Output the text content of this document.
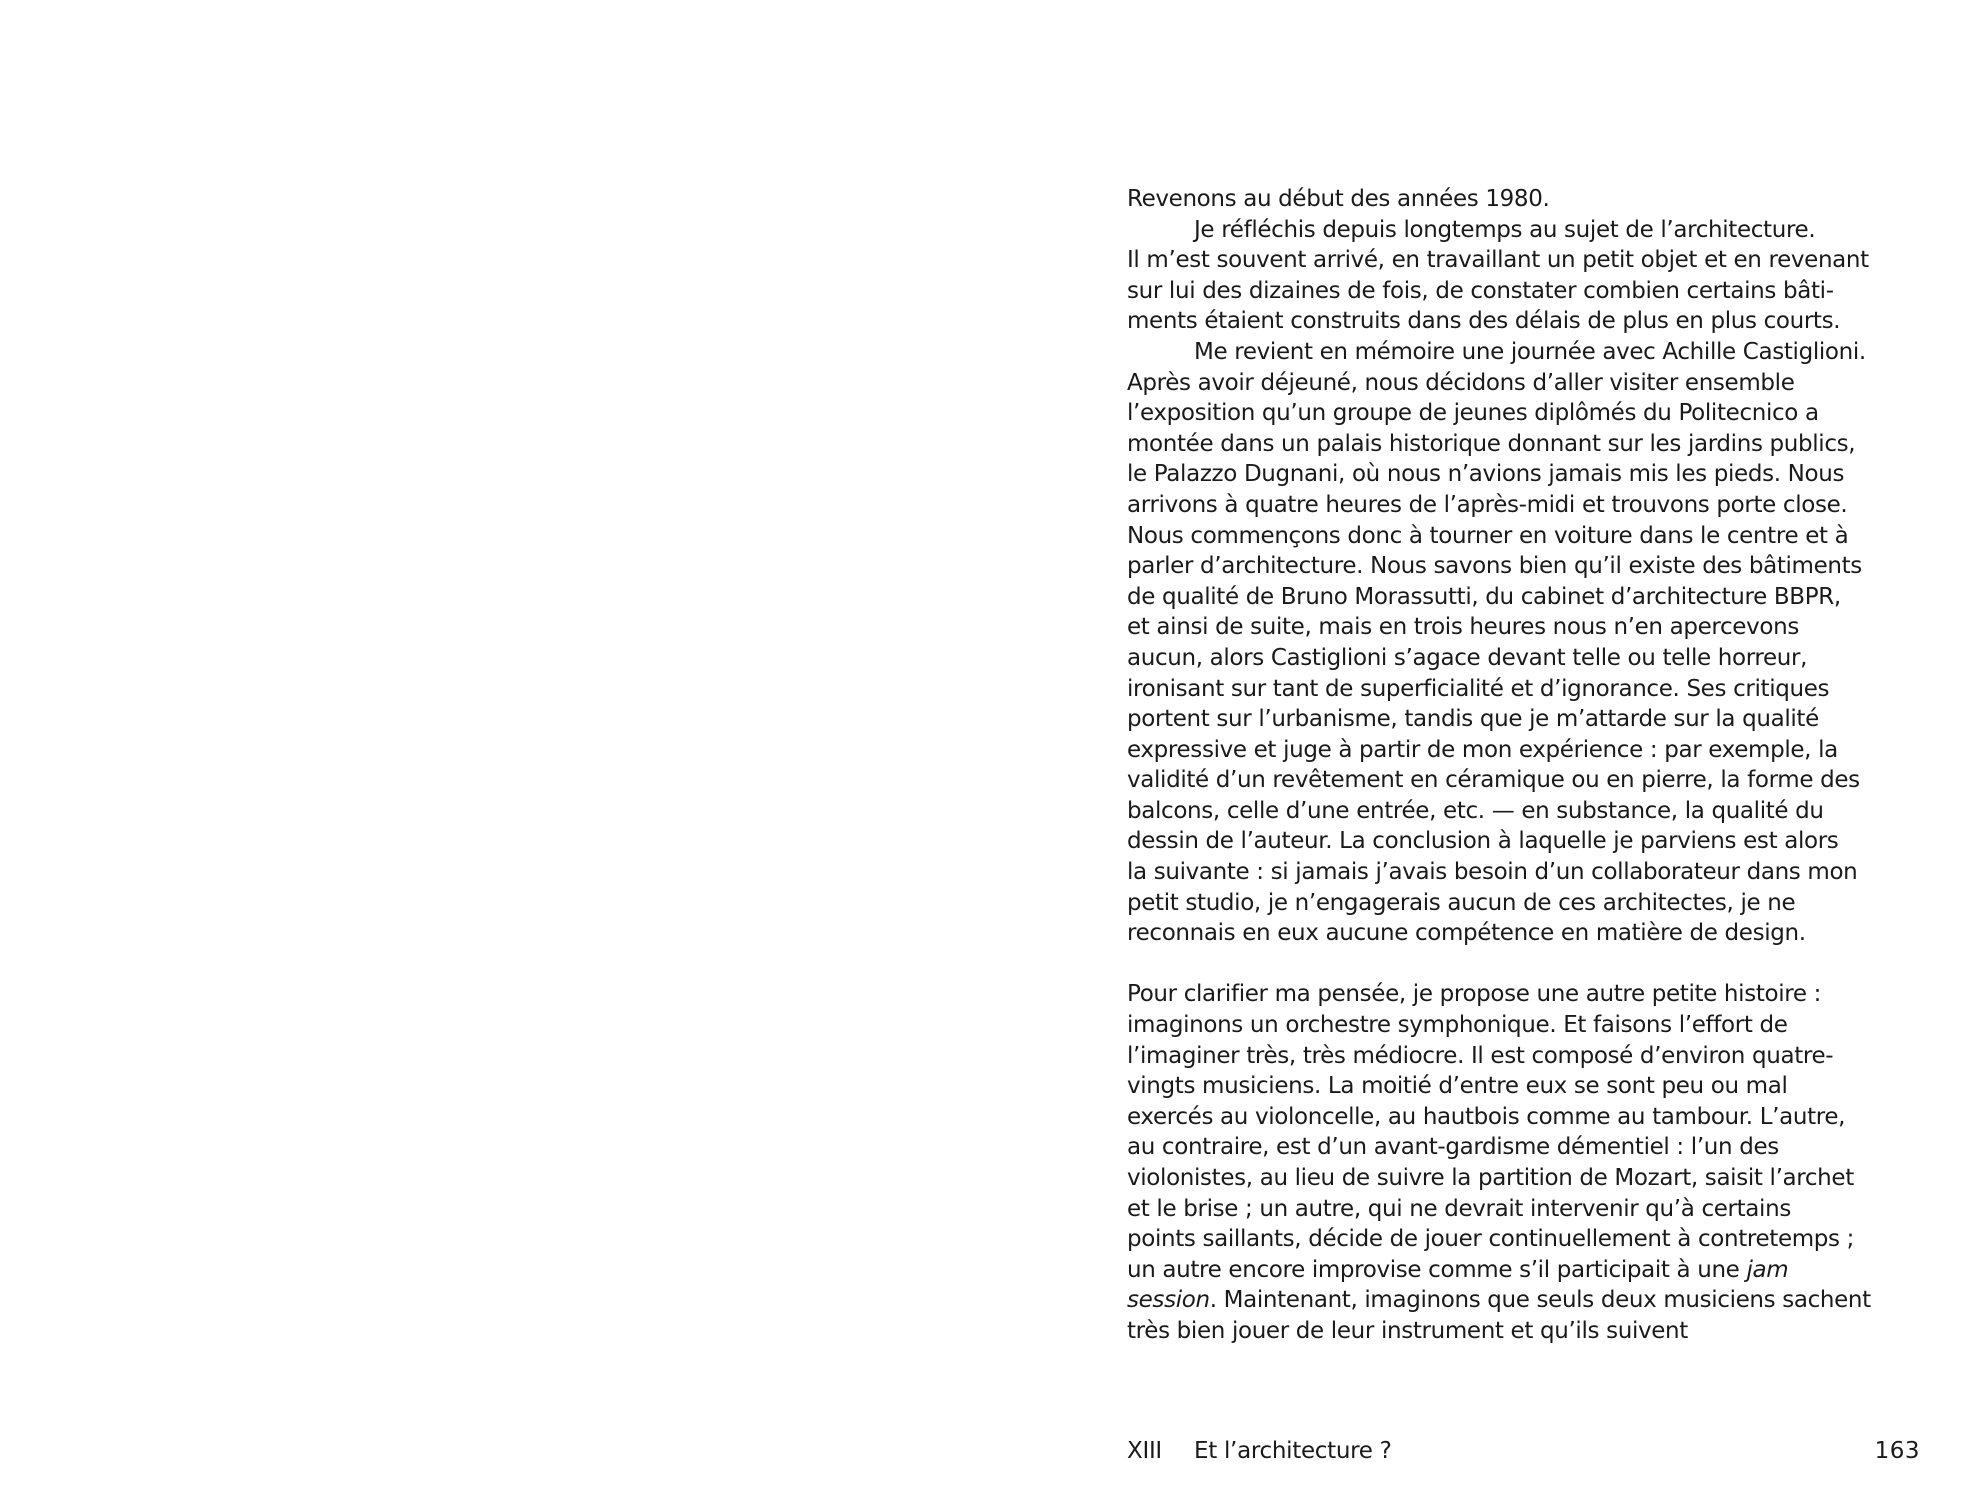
Revenons au début des années 1980.
Je réfléchis depuis longtemps au sujet de l’architecture.
Il m’est souvent arrivé, en travaillant un petit objet et en revenant
sur lui des dizaines de fois, de constater combien certains bâti-
ments étaient construits dans des délais de plus en plus courts.
Me revient en mémoire une journée avec Achille Castiglioni.
Après avoir déjeuné, nous décidons d’aller visiter ensemble
l’exposition qu’un groupe de jeunes diplômés du Politecnico a
montée dans un palais historique donnant sur les jardins publics,
le Palazzo Dugnani, où nous n’avions jamais mis les pieds. Nous
arrivons à quatre heures de l’après-midi et trouvons porte close.
Nous commençons donc à tourner en voiture dans le centre et à
parler d’architecture. Nous savons bien qu’il existe des bâtiments
de qualité de Bruno Morassutti, du cabinet d’architecture BBPR,
et ainsi de suite, mais en trois heures nous n’en apercevons
aucun, alors Castiglioni s’agace devant telle ou telle horreur,
ironisant sur tant de superficialité et d’ignorance. Ses critiques
portent sur l’urbanisme, tandis que je m’attarde sur la qualité
expressive et juge à partir de mon expérience : par exemple, la
validité d’un revêtement en céramique ou en pierre, la forme des
balcons, celle d’une entrée, etc. — en substance, la qualité du
dessin de l’auteur. La conclusion à laquelle je parviens est alors
la suivante : si jamais j’avais besoin d’un collaborateur dans mon
petit studio, je n’engagerais aucun de ces architectes, je ne
reconnais en eux aucune compétence en matière de design.
Pour clarifier ma pensée, je propose une autre petite histoire :
imaginons un orchestre symphonique. Et faisons l’effort de
l’imaginer très, très médiocre. Il est composé d’environ quatre-
vingts musiciens. La moitié d’entre eux se sont peu ou mal
exercés au violoncelle, au hautbois comme au tambour. L’autre,
au contraire, est d’un avant-gardisme démentiel : l’un des
violonistes, au lieu de suivre la partition de Mozart, saisit l’archet
et le brise ; un autre, qui ne devrait intervenir qu’à certains
points saillants, décide de jouer continuellement à contretemps ;
un autre encore improvise comme s’il participait à une jam
session. Maintenant, imaginons que seuls deux musiciens sachent
très bien jouer de leur instrument et qu’ils suivent
XIII Et l’architecture ?	163
